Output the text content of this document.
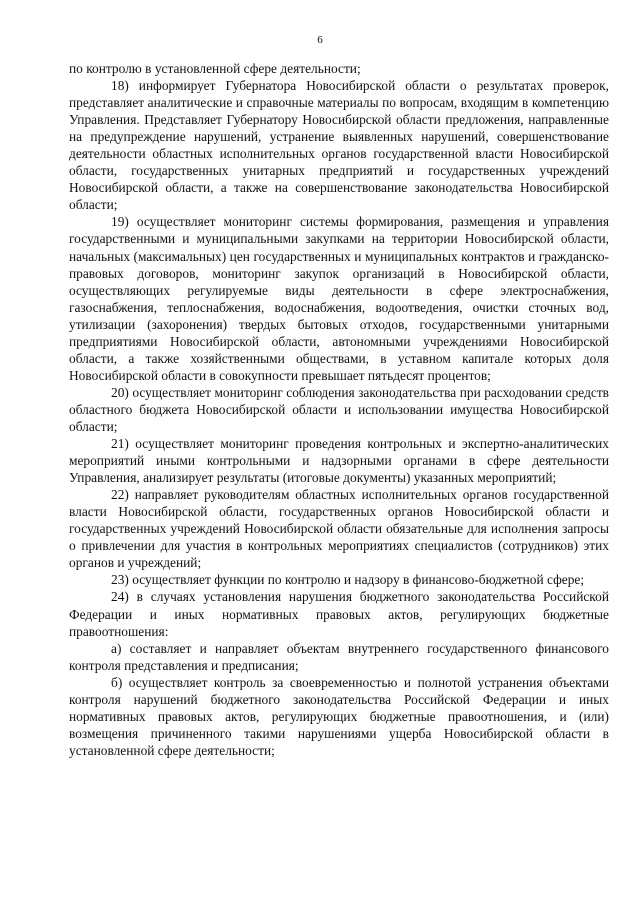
6

по контролю в установленной сфере деятельности;

18) информирует Губернатора Новосибирской области о результатах проверок, представляет аналитические и справочные материалы по вопросам, входящим в компетенцию Управления. Представляет Губернатору Новосибирской области предложения, направленные на предупреждение нарушений, устранение выявленных нарушений, совершенствование деятельности областных исполнительных органов государственной власти Новосибирской области, государственных унитарных предприятий и государственных учреждений Новосибирской области, а также на совершенствование законодательства Новосибирской области;

19) осуществляет мониторинг системы формирования, размещения и управления государственными и муниципальными закупками на территории Новосибирской области, начальных (максимальных) цен государственных и муниципальных контрактов и гражданско-правовых договоров, мониторинг закупок организаций в Новосибирской области, осуществляющих регулируемые виды деятельности в сфере электроснабжения, газоснабжения, теплоснабжения, водоснабжения, водоотведения, очистки сточных вод, утилизации (захоронения) твердых бытовых отходов, государственными унитарными предприятиями Новосибирской области, автономными учреждениями Новосибирской области, а также хозяйственными обществами, в уставном капитале которых доля Новосибирской области в совокупности превышает пятьдесят процентов;

20) осуществляет мониторинг соблюдения законодательства при расходовании средств областного бюджета Новосибирской области и использовании имущества Новосибирской области;

21) осуществляет мониторинг проведения контрольных и экспертно-аналитических мероприятий иными контрольными и надзорными органами в сфере деятельности Управления, анализирует результаты (итоговые документы) указанных мероприятий;

22) направляет руководителям областных исполнительных органов государственной власти Новосибирской области, государственных органов Новосибирской области и государственных учреждений Новосибирской области обязательные для исполнения запросы о привлечении для участия в контрольных мероприятиях специалистов (сотрудников) этих органов и учреждений;

23) осуществляет функции по контролю и надзору в финансово-бюджетной сфере;

24) в случаях установления нарушения бюджетного законодательства Российской Федерации и иных нормативных правовых актов, регулирующих бюджетные правоотношения:

а) составляет и направляет объектам внутреннего государственного финансового контроля представления и предписания;

б) осуществляет контроль за своевременностью и полнотой устранения объектами контроля нарушений бюджетного законодательства Российской Федерации и иных нормативных правовых актов, регулирующих бюджетные правоотношения, и (или) возмещения причиненного такими нарушениями ущерба Новосибирской области в установленной сфере деятельности;
